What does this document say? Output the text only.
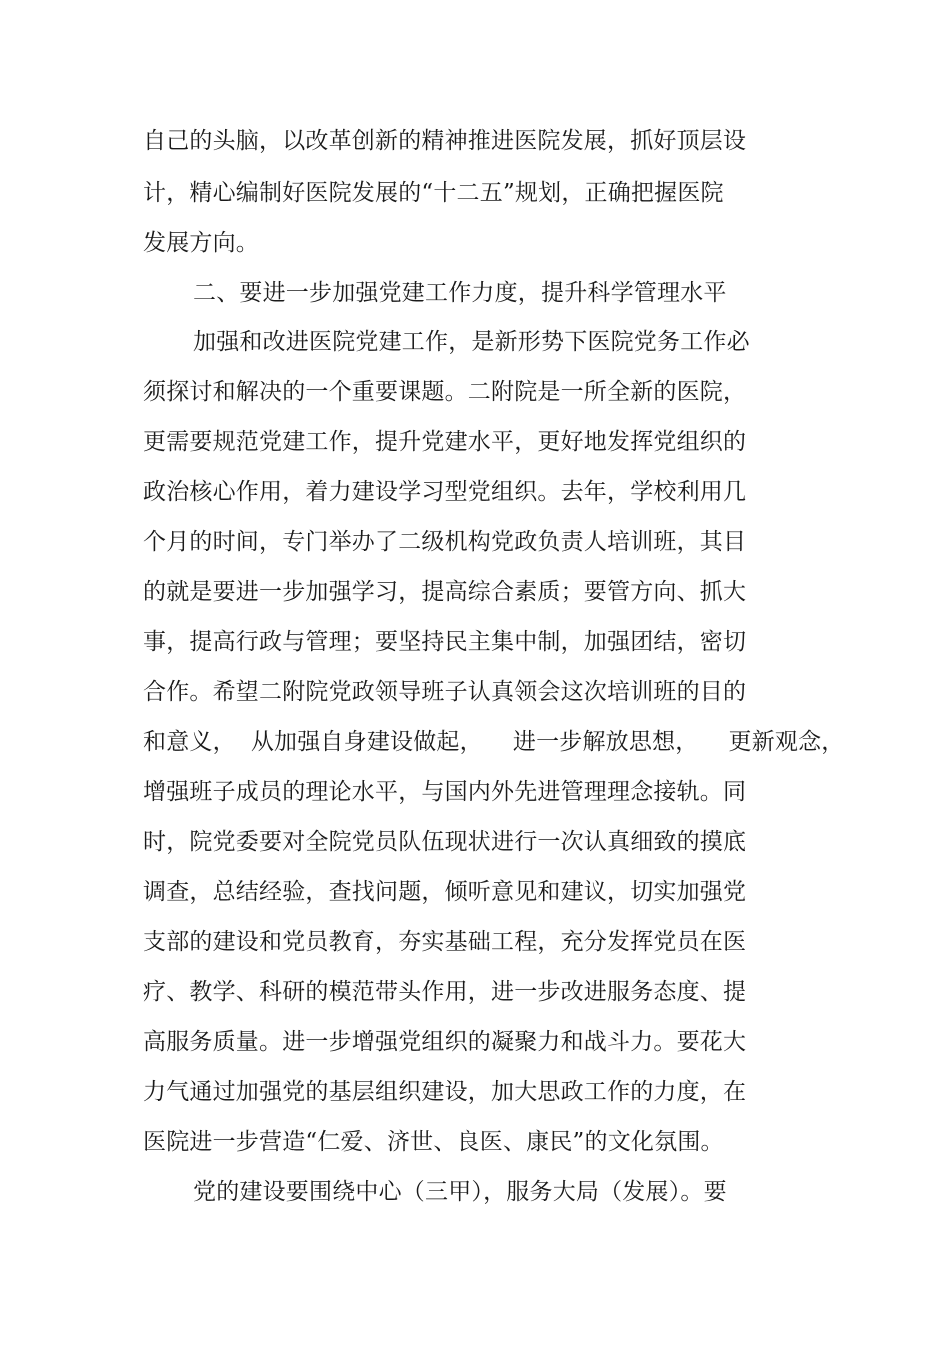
自己的头脑，以改革创新的精神推进医院发展，抓好顶层设
计，精心编制好医院发展的“十二五”规划，正确把握医院
发展方向。
二、要进一步加强党建工作力度，提升科学管理水平
加强和改进医院党建工作，是新形势下医院党务工作必
须探讨和解决的一个重要课题。二附院是一所全新的医院，
更需要规范党建工作，提升党建水平，更好地发挥党组织的
政治核心作用，着力建设学习型党组织。去年，学校利用几
个月的时间，专门举办了二级机构党政负责人培训班，其目
的就是要进一步加强学习，提高综合素质；要管方向、抓大
事，提高行政与管理；要坚持民主集中制，加强团结，密切
合作。希望二附院党政领导班子认真领会这次培训班的目的
和意义，  从加强自身建设做起，    进一步解放思想，    更新观念，
增强班子成员的理论水平，与国内外先进管理理念接轨。同
时，院党委要对全院党员队伍现状进行一次认真细致的摸底
调查，总结经验，查找问题，倾听意见和建议，切实加强党
支部的建设和党员教育，夯实基础工程，充分发挥党员在医
疗、教学、科研的模范带头作用，进一步改进服务态度、提
高服务质量。进一步增强党组织的凝聚力和战斗力。要花大
力气通过加强党的基层组织建设，加大思政工作的力度，在
医院进一步营造“仁爱、济世、良医、康民”的文化氛围。
党的建设要围绕中心（三甲），服务大局（发展）。要
